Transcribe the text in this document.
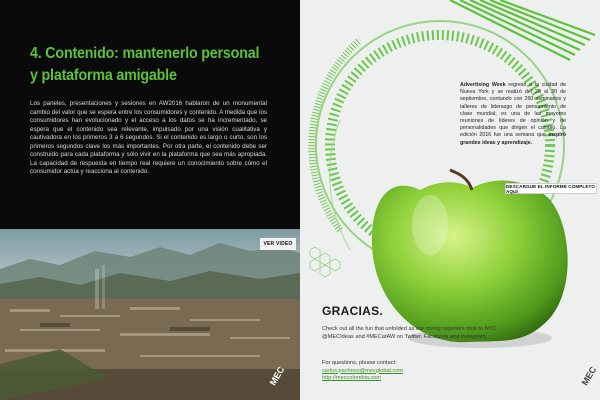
4. Contenido: mantenerlo personal
y plataforma amigable

Los paneles, presentaciones y sesiones en AW2016 hablaron de un monumental cambio del valor que se espera entre los consumidores y contenido. A medida que los consumidores han evolucionado y el acceso a los datos se ha incrementado, se espera que el contenido sea relevante, impulsado por una visión cualitativa y cautivadora en los primeros 3 a 6 segundos. Si el contenido es largo o curto, son los primeros segundos clave los más importantes. Por otra parte, el contenido debe ser construido para cada plataforma y sólo vivir en la plataforma que sea más apropiada. La capacidad de respuesta en tiempo real requiere un conocimiento sobre cómo el consumidor actúa y reacciona al contenido.

VER VIDEO
MEC

Advertising Week regresó a la ciudad de Nueva York y se realizó del 26 al 30 de septiembre, contando con 260 seminarios y talleres de liderazgo de pensamiento de clase mundial; es una de las mayores reuniones de líderes de opinión y de personalidades que dirigen el cambio. La edición 2016 fue una semana que inspiró grandes ideas y aprendizaje.

DESCARGUE EL INFORME COMPLETO AQUÍ
GRACIAS.

Check out all the fun that unfolded as our roving reporters took to NYC - @MECIdeas and #MECatAW on Twitter, Facebook and Instagram.

For questions, please contact:
carlos.pacheco@mecglobal.com
http://meccolombia.com	MEC
